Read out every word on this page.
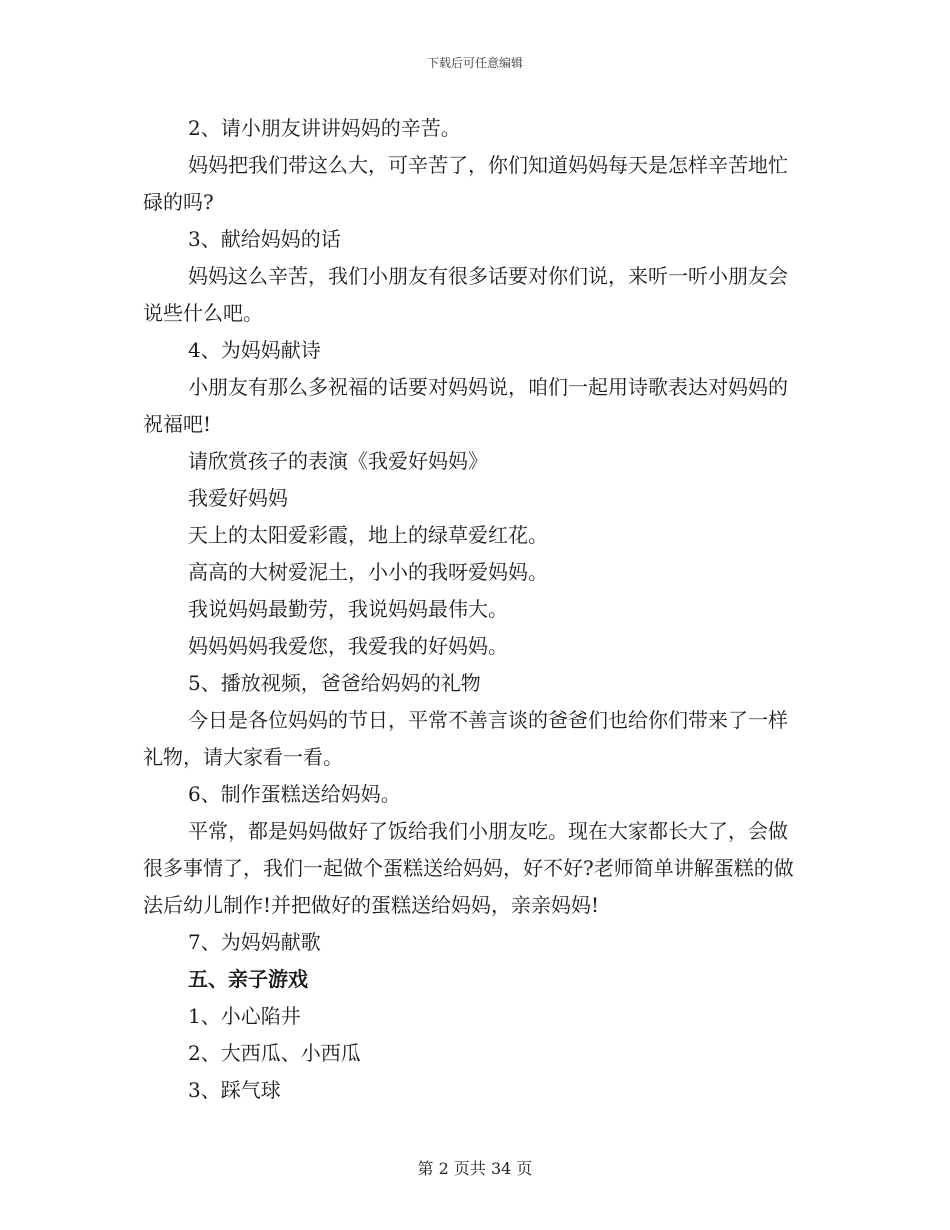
下载后可任意编辑

2、请小朋友讲讲妈妈的辛苦。

妈妈把我们带这么大，可辛苦了，你们知道妈妈每天是怎样辛苦地忙碌的吗?

3、献给妈妈的话

妈妈这么辛苦，我们小朋友有很多话要对你们说，来听一听小朋友会说些什么吧。

4、为妈妈献诗

小朋友有那么多祝福的话要对妈妈说，咱们一起用诗歌表达对妈妈的祝福吧!

请欣赏孩子的表演《我爱好妈妈》

我爱好妈妈

天上的太阳爱彩霞，地上的绿草爱红花。

高高的大树爱泥土，小小的我呀爱妈妈。

我说妈妈最勤劳，我说妈妈最伟大。

妈妈妈妈我爱您，我爱我的好妈妈。

5、播放视频，爸爸给妈妈的礼物

今日是各位妈妈的节日，平常不善言谈的爸爸们也给你们带来了一样礼物，请大家看一看。

6、制作蛋糕送给妈妈。

平常，都是妈妈做好了饭给我们小朋友吃。现在大家都长大了，会做很多事情了，我们一起做个蛋糕送给妈妈，好不好?老师简单讲解蛋糕的做法后幼儿制作!并把做好的蛋糕送给妈妈，亲亲妈妈!

7、为妈妈献歌

五、亲子游戏

1、小心陷井

2、大西瓜、小西瓜

3、踩气球

第 2 页共 34 页
